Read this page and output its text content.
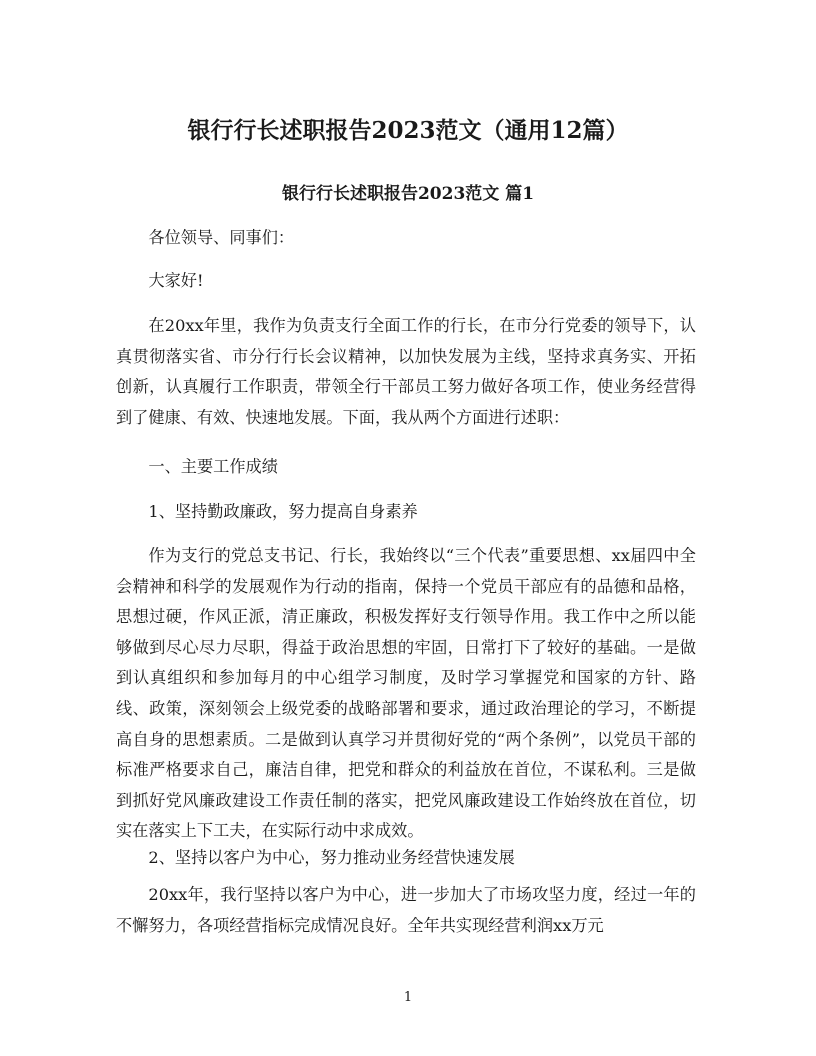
银行行长述职报告2023范文（通用12篇）
银行行长述职报告2023范文 篇1

各位领导、同事们：

大家好!

在20xx年里，我作为负责支行全面工作的行长，在市分行党委的领导下，认真贯彻落实省、市分行行长会议精神，以加快发展为主线，坚持求真务实、开拓创新，认真履行工作职责，带领全行干部员工努力做好各项工作，使业务经营得到了健康、有效、快速地发展。下面，我从两个方面进行述职：

一、主要工作成绩

1、坚持勤政廉政，努力提高自身素养

作为支行的党总支书记、行长，我始终以“三个代表”重要思想、xx届四中全会精神和科学的发展观作为行动的指南，保持一个党员干部应有的品德和品格，思想过硬，作风正派，清正廉政，积极发挥好支行领导作用。我工作中之所以能够做到尽心尽力尽职，得益于政治思想的牢固，日常打下了较好的基础。一是做到认真组织和参加每月的中心组学习制度，及时学习掌握党和国家的方针、路线、政策，深刻领会上级党委的战略部署和要求，通过政治理论的学习，不断提高自身的思想素质。二是做到认真学习并贯彻好党的“两个条例”，以党员干部的标准严格要求自己，廉洁自律，把党和群众的利益放在首位，不谋私利。三是做到抓好党风廉政建设工作责任制的落实，把党风廉政建设工作始终放在首位，切实在落实上下工夫，在实际行动中求成效。

2、坚持以客户为中心，努力推动业务经营快速发展

20xx年，我行坚持以客户为中心，进一步加大了市场攻坚力度，经过一年的不懈努力，各项经营指标完成情况良好。全年共实现经营利润xx万元

1
